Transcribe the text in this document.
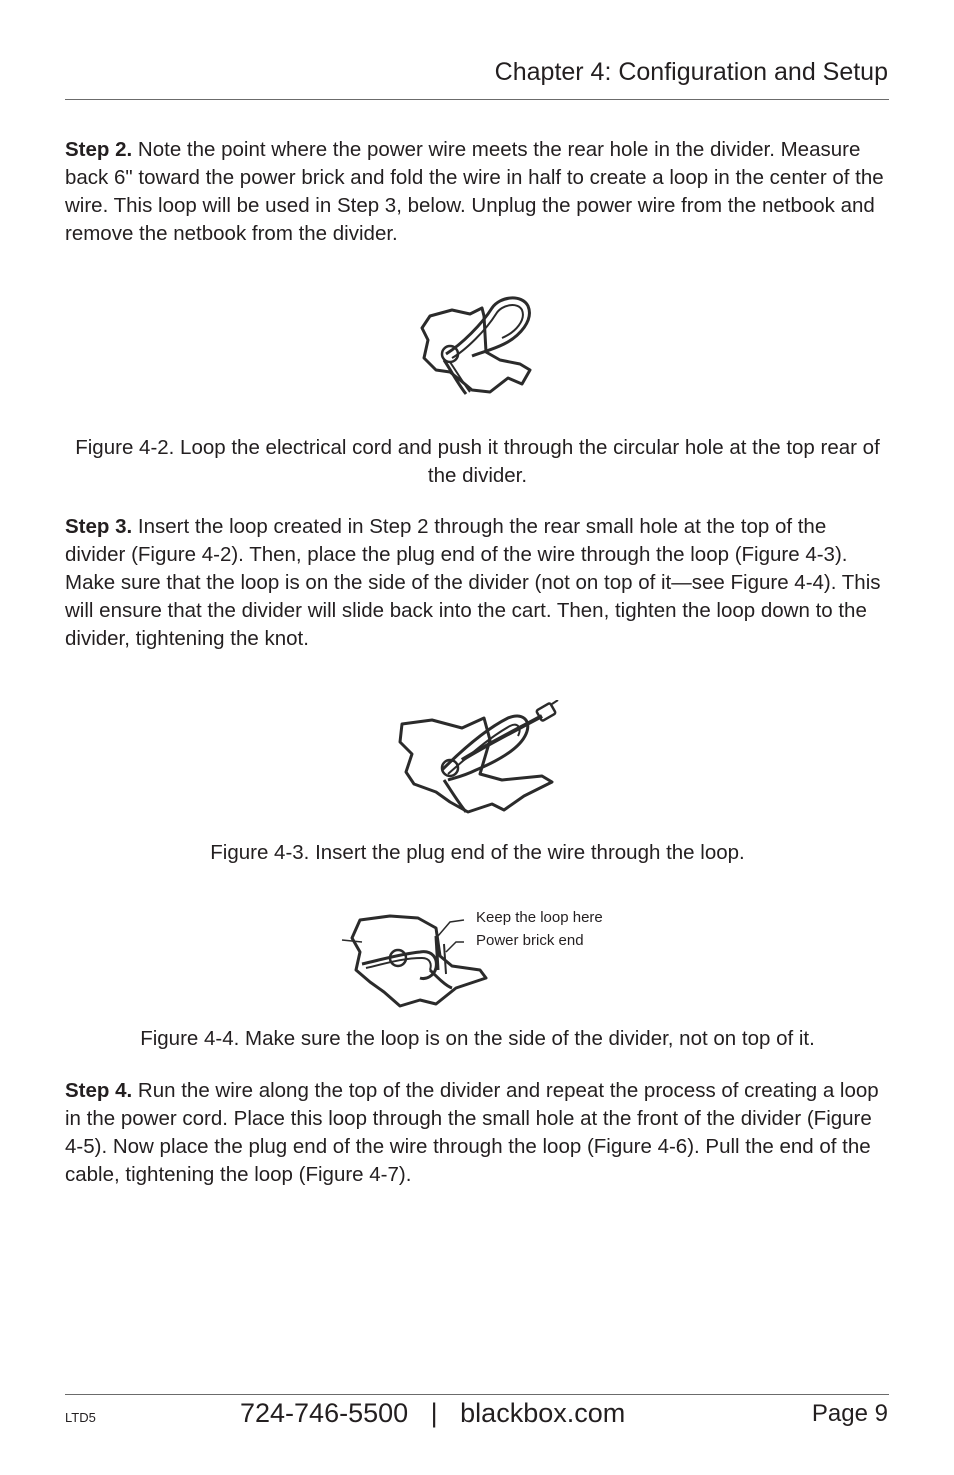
Chapter 4: Configuration and Setup

Step 2. Note the point where the power wire meets the rear hole in the divider. Measure back 6" toward the power brick and fold the wire in half to create a loop in the center of the wire. This loop will be used in Step 3, below. Unplug the power wire from the netbook and remove the netbook from the divider.

Figure 4-2. Loop the electrical cord and push it through the circular hole at the top rear of the divider.

Step 3. Insert the loop created in Step 2 through the rear small hole at the top of the divider (Figure 4-2). Then, place the plug end of the wire through the loop (Figure 4-3). Make sure that the loop is on the side of the divider (not on top of it—see Figure 4-4). This will ensure that the divider will slide back into the cart. Then, tighten the loop down to the divider, tightening the knot.

Figure 4-3. Insert the plug end of the wire through the loop.
Keep the loop here
Power brick end
Figure 4-4. Make sure the loop is on the side of the divider, not on top of it.

Step 4. Run the wire along the top of the divider and repeat the process of creating a loop in the power cord. Place this loop through the small hole at the front of the divider (Figure 4-5). Now place the plug end of the wire through the loop (Figure 4-6). Pull the end of the cable, tightening the loop (Figure 4-7).

LTD5	724-746-5500   |   blackbox.com	Page 9
